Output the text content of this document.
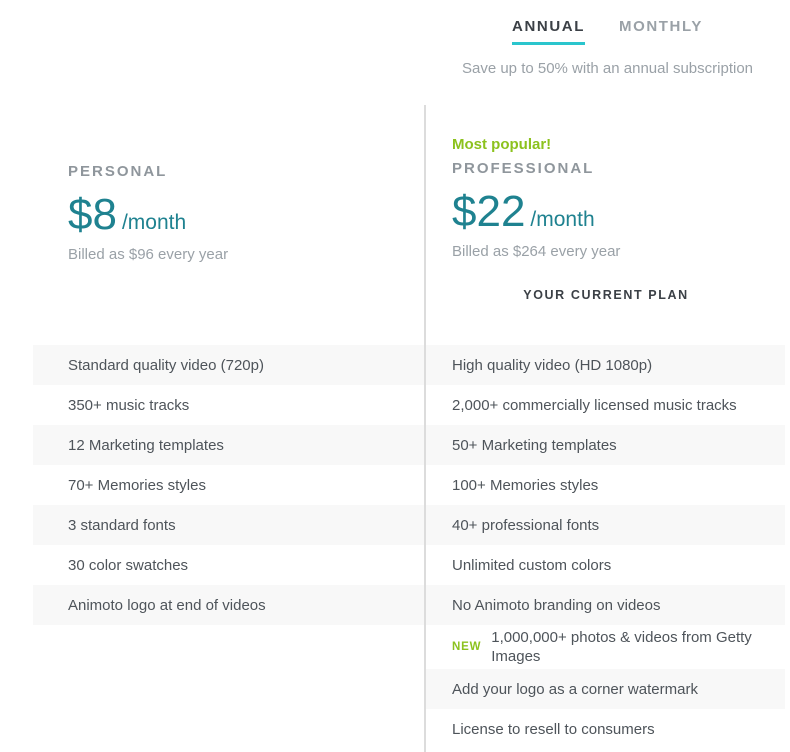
ANNUAL MONTHLY
Save up to 50% with an annual subscription
PERSONAL
$8 /month
Billed as $96 every year
Most popular!
PROFESSIONAL
$22 /month
Billed as $264 every year
YOUR CURRENT PLAN
Standard quality video (720p)
350+ music tracks
12 Marketing templates
70+ Memories styles
3 standard fonts
30 color swatches
Animoto logo at end of videos
High quality video (HD 1080p)
2,000+ commercially licensed music tracks
50+ Marketing templates
100+ Memories styles
40+ professional fonts
Unlimited custom colors
No Animoto branding on videos
NEW
1,000,000+ photos & videos from Getty Images
Add your logo as a corner watermark
License to resell to consumers
